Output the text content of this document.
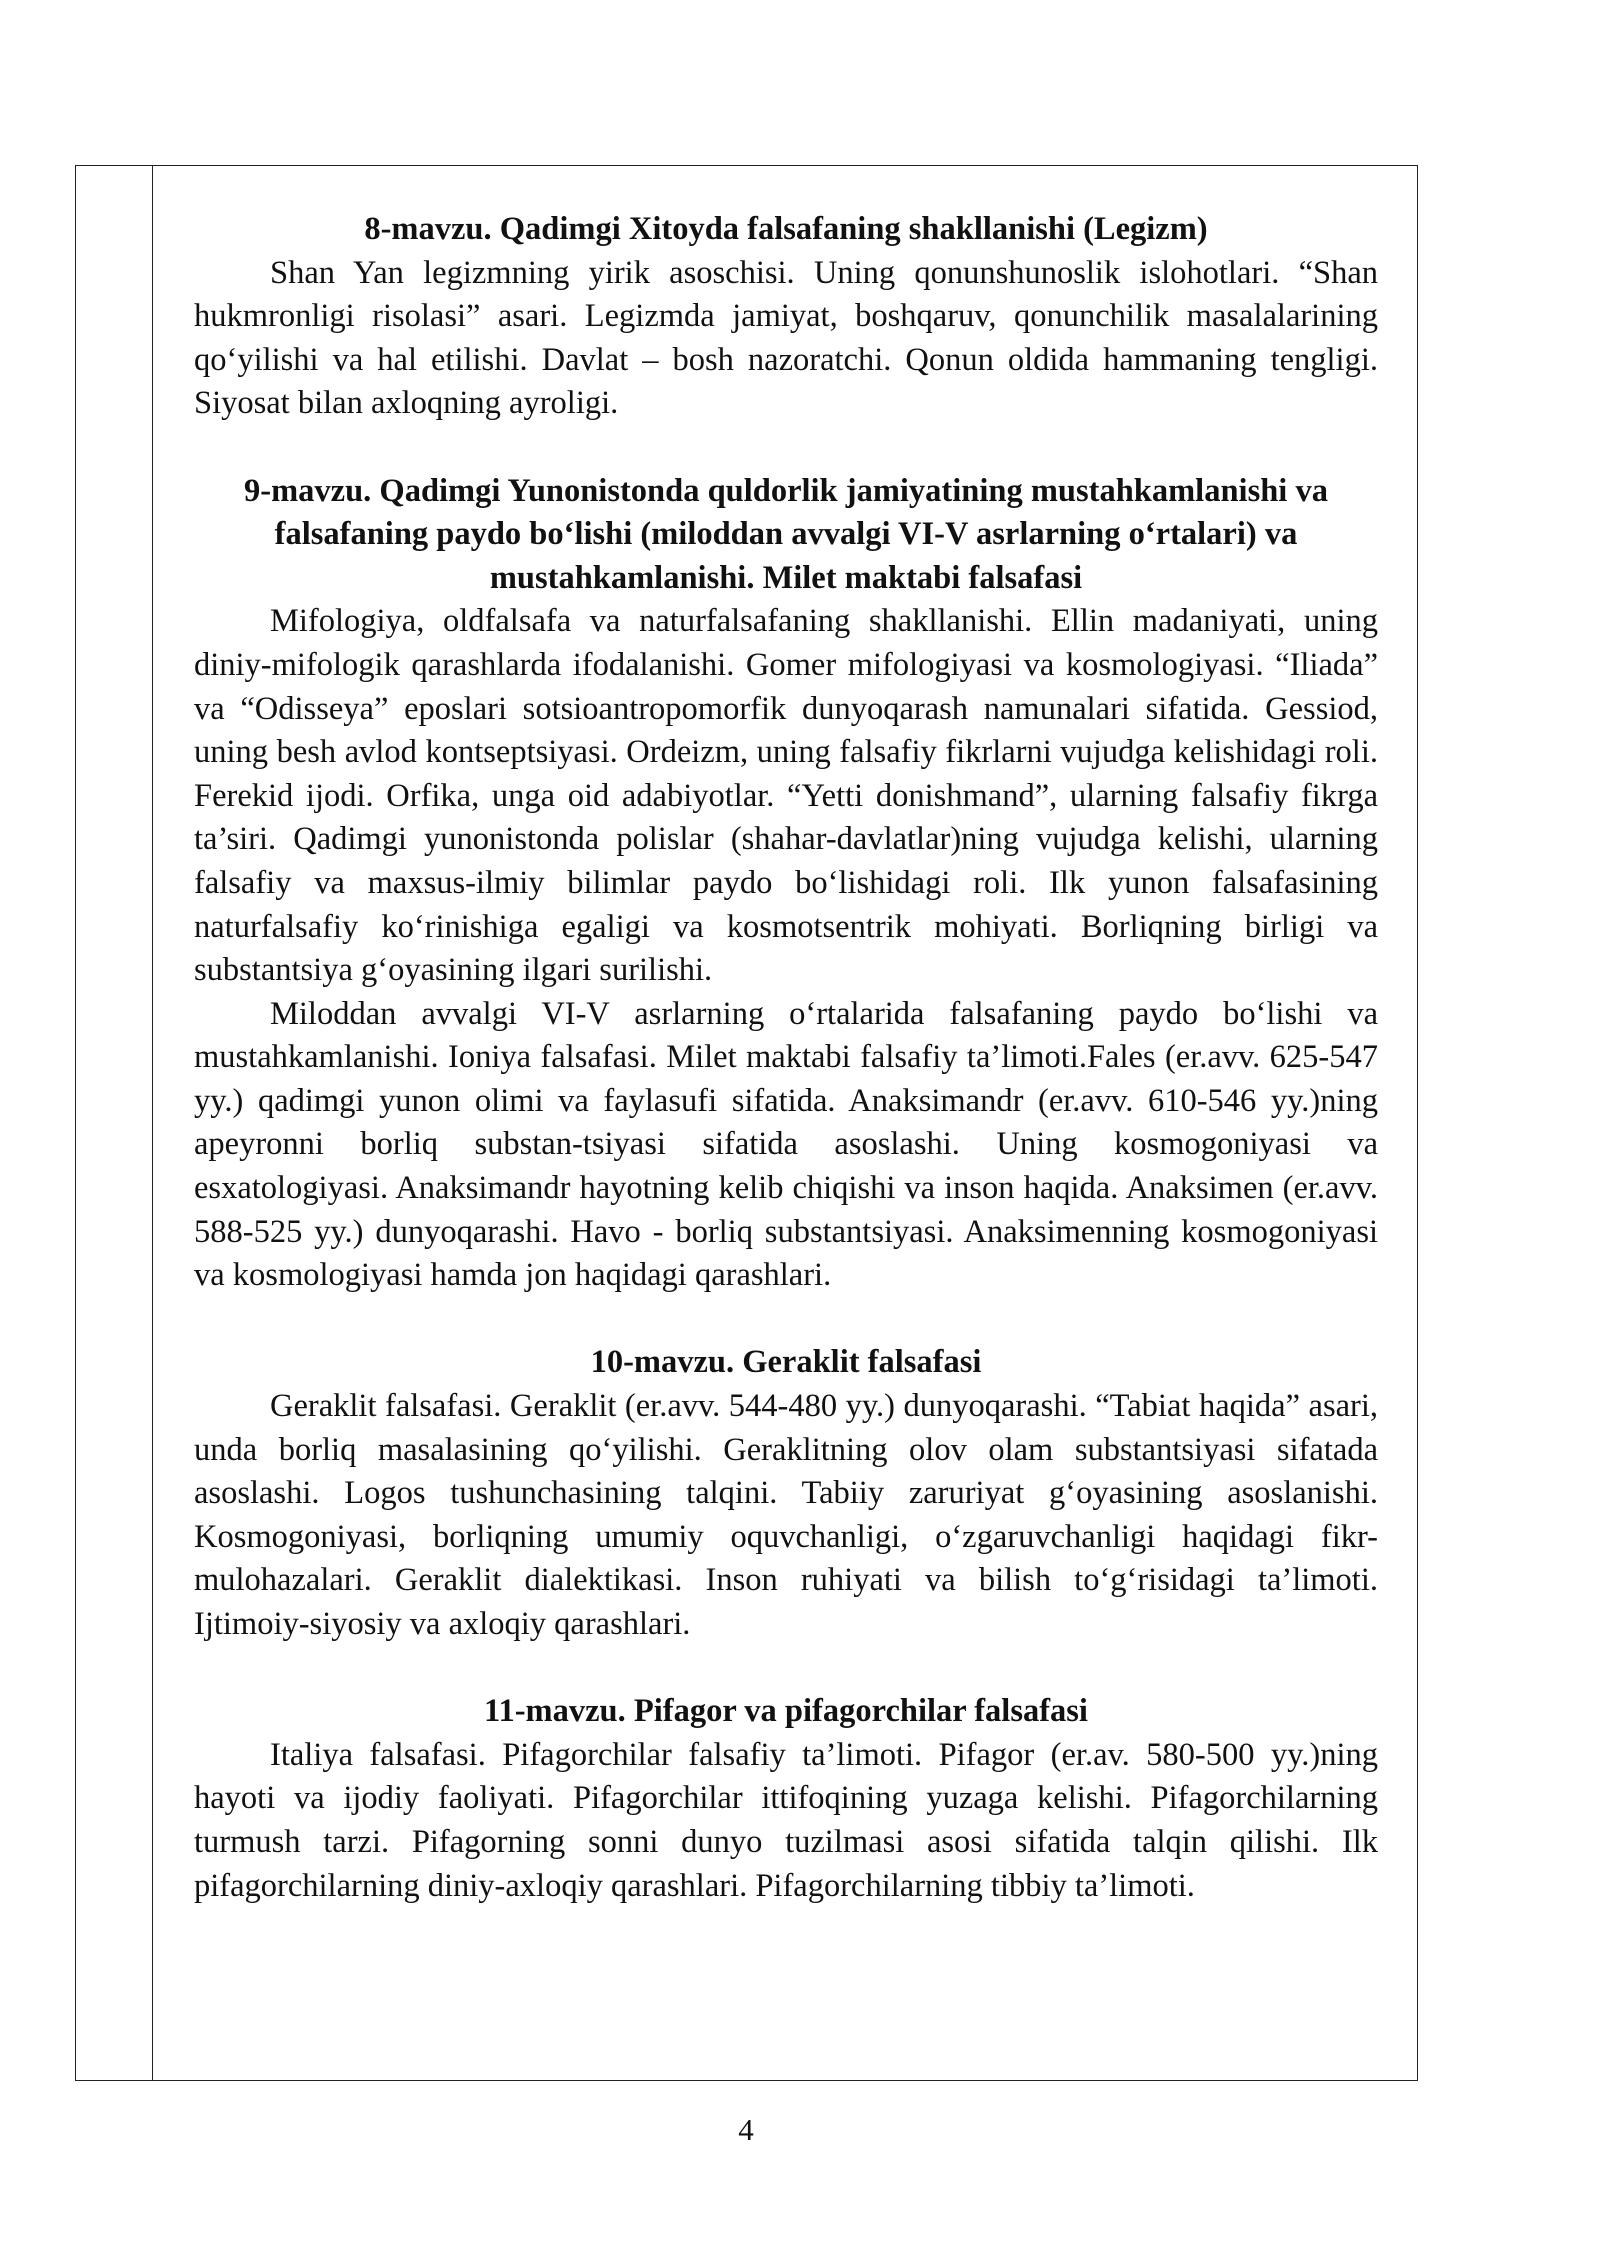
8-mavzu. Qadimgi Xitoyda falsafaning shakllanishi (Legizm)

Shan Yan legizmning yirik asoschisi. Uning qonunshunoslik islohotlari. “Shan hukmronligi risolasi” asari. Legizmda jamiyat, boshqaruv, qonunchilik masalalarining qo‘yilishi va hal etilishi. Davlat – bosh nazoratchi. Qonun oldida hammaning tengligi. Siyosat bilan axloqning ayroligi.

9-mavzu. Qadimgi Yunonistonda quldorlik jamiyatining mustahkamlanishi va falsafaning paydo bo‘lishi (miloddan avvalgi VI-V asrlarning o‘rtalari) va mustahkamlanishi. Milet maktabi falsafasi

Mifologiya, oldfalsafa va naturfalsafaning shakllanishi. Ellin madaniyati, uning diniy-mifologik qarashlarda ifodalanishi. Gomer mifologiyasi va kosmologiyasi. “Iliada” va “Odisseya” eposlari sotsioantropomorfik dunyoqarash namunalari sifatida. Gessiod, uning besh avlod kontseptsiyasi. Ordeizm, uning falsafiy fikrlarni vujudga kelishidagi roli. Ferekid ijodi. Orfika, unga oid adabiyotlar. “Yetti donishmand”, ularning falsafiy fikrga ta’siri. Qadimgi yunonistonda polislar (shahar-davlatlar)ning vujudga kelishi, ularning falsafiy va maxsus-ilmiy bilimlar paydo bo‘lishidagi roli. Ilk yunon falsafasining naturfalsafiy ko‘rinishiga egaligi va kosmotsentrik mohiyati. Borliqning birligi va substantsiya g‘oyasining ilgari surilishi.

Miloddan avvalgi VI-V asrlarning o‘rtalarida falsafaning paydo bo‘lishi va mustahkamlanishi. Ioniya falsafasi. Milet maktabi falsafiy ta’limoti.Fales (er.avv. 625-547 yy.) qadimgi yunon olimi va faylasufi sifatida. Anaksimandr (er.avv. 610-546 yy.)ning apeyronni borliq substan-tsiyasi sifatida asoslashi. Uning kosmogoniyasi va esxatologiyasi. Anaksimandr hayotning kelib chiqishi va inson haqida. Anaksimen (er.avv. 588-525 yy.) dunyoqarashi. Havo - borliq substantsiyasi. Anaksimenning kosmogoniyasi va kosmologiyasi hamda jon haqidagi qarashlari.

10-mavzu. Geraklit falsafasi

Geraklit falsafasi. Geraklit (er.avv. 544-480 yy.) dunyoqarashi. “Tabiat haqida” asari, unda borliq masalasining qo‘yilishi. Geraklitning olov olam substantsiyasi sifatada asoslashi. Logos tushunchasining talqini. Tabiiy zaruriyat g‘oyasining asoslanishi. Kosmogoniyasi, borliqning umumiy oquvchanligi, o‘zgaruvchanligi haqidagi fikr-mulohazalari. Geraklit dialektikasi. Inson ruhiyati va bilish to‘g‘risidagi ta’limoti. Ijtimoiy-siyosiy va axloqiy qarashlari.

11-mavzu. Pifagor va pifagorchilar falsafasi

Italiya falsafasi. Pifagorchilar falsafiy ta’limoti. Pifagor (er.av. 580-500 yy.)ning hayoti va ijodiy faoliyati. Pifagorchilar ittifoqining yuzaga kelishi. Pifagorchilarning turmush tarzi. Pifagorning sonni dunyo tuzilmasi asosi sifatida talqin qilishi. Ilk pifagorchilarning diniy-axloqiy qarashlari. Pifagorchilarning tibbiy ta’limoti.

4
